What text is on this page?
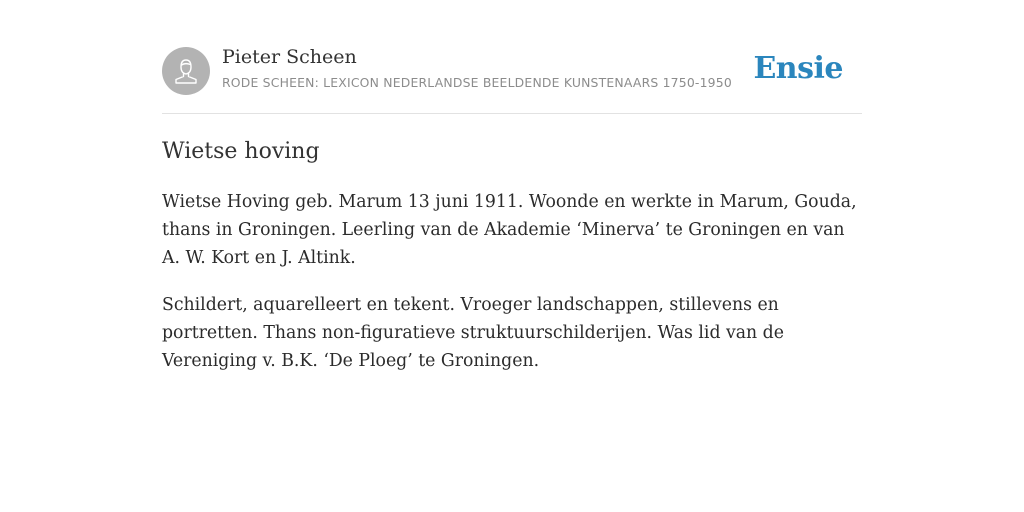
Pieter Scheen
RODE SCHEEN: LEXICON NEDERLANDSE BEELDENDE KUNSTENAARS 1750-1950 Ensie
Wietse hoving

Wietse Hoving geb. Marum 13 juni 1911. Woonde en werkte in Marum, Gouda, thans in Groningen. Leerling van de Akademie ‘Minerva’ te Groningen en van A. W. Kort en J. Altink.

Schildert, aquarelleert en tekent. Vroeger landschappen, stillevens en portretten. Thans non-figuratieve struktuurschilderijen. Was lid van de Vereniging v. B.K. ‘De Ploeg’ te Groningen.
